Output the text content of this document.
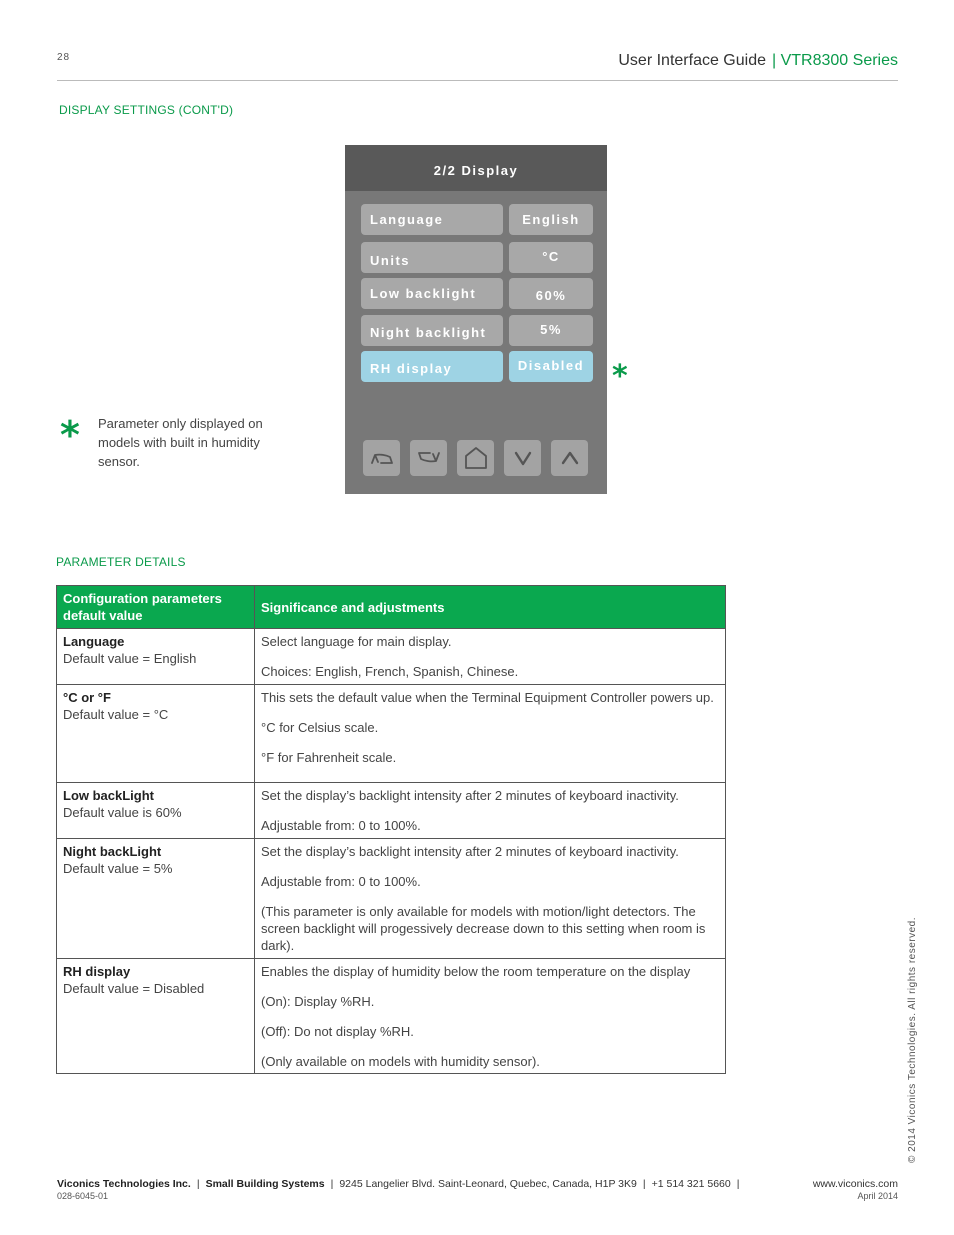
28	User Interface Guide | VTR8300 Series
DISPLAY SETTINGS (CONT'D)
2/2 Display
Language	English
Units	°C
Low backlight	60%
Night backlight	5%
RH display	Disabled *
* Parameter only displayed on models with built in humidity sensor.
PARAMETER DETAILS
Configuration parameters default value	Significance and adjustments

Language
Default value = English	Select language for main display.
Choices: English, French, Spanish, Chinese.

°C or °F
Default value = °C	This sets the default value when the Terminal Equipment Controller powers up.
°C for Celsius scale.
°F for Fahrenheit scale.

Low backLight
Default value is 60%	Set the display’s backlight intensity after 2 minutes of keyboard inactivity.
Adjustable from: 0 to 100%.

Night backLight
Default value = 5%	Set the display’s backlight intensity after 2 minutes of keyboard inactivity.
Adjustable from: 0 to 100%.
(This parameter is only available for models with motion/light detectors. The screen backlight will progessively decrease down to this setting when room is dark).

RH display
Default value = Disabled	Enables the display of humidity below the room temperature on the display
(On): Display %RH.
(Off): Do not display %RH.
(Only available on models with humidity sensor).	© 2014 Viconics Technologies. All rights reserved.
Viconics Technologies Inc. | Small Building Systems | 9245 Langelier Blvd. Saint-Leonard, Quebec, Canada, H1P 3K9 | +1 514 321 5660 |	www.viconics.com
028-6045-01	April 2014
